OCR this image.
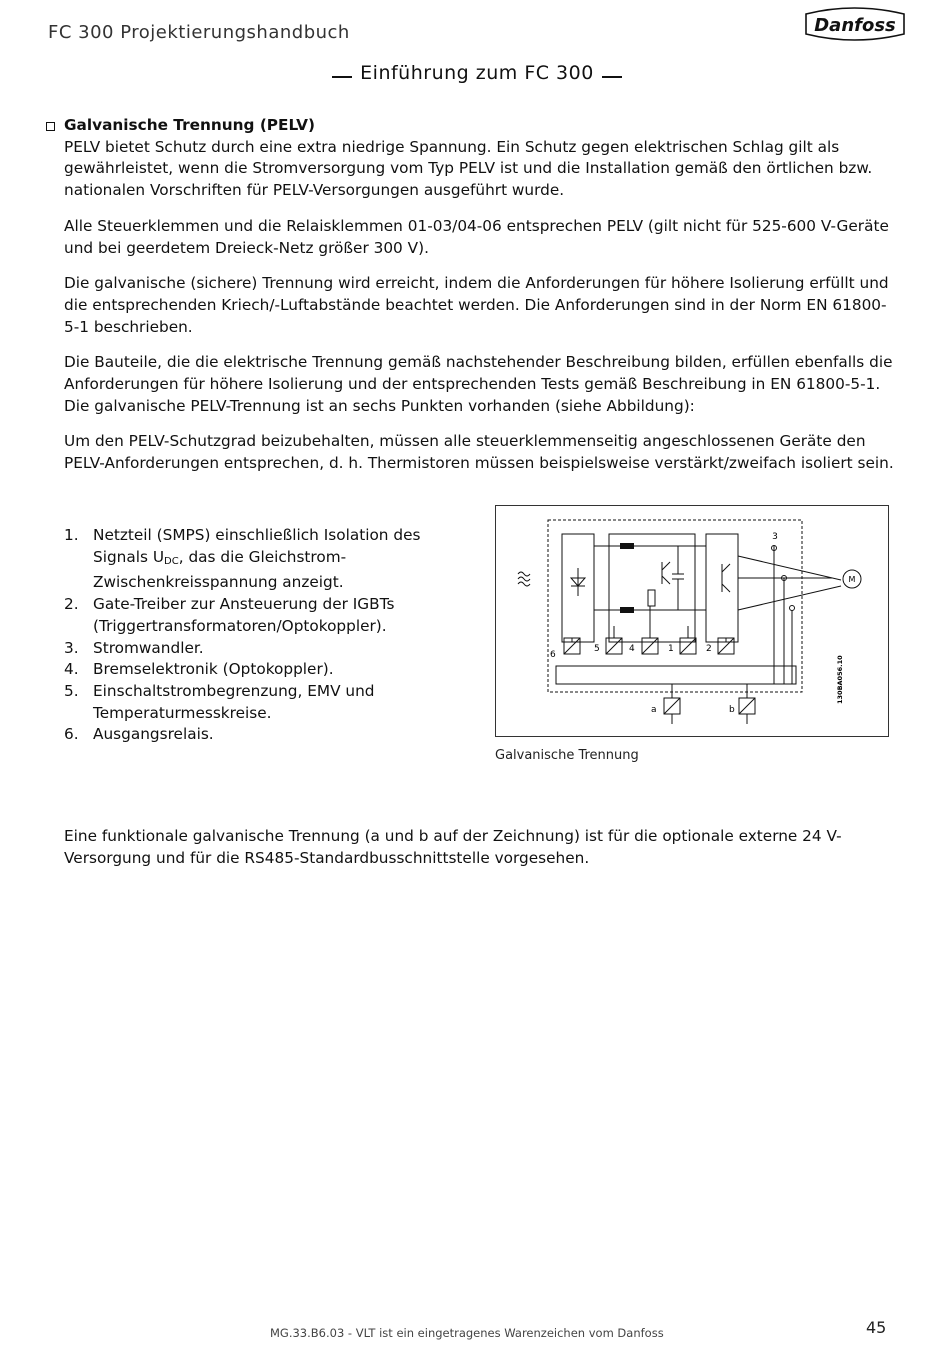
FC 300 Projektierungshandbuch	Danfoss
Einführung zum FC 300
Galvanische Trennung (PELV)

PELV bietet Schutz durch eine extra niedrige Spannung. Ein Schutz gegen elektrischen Schlag gilt als gewährleistet, wenn die Stromversorgung vom Typ PELV ist und die Installation gemäß den örtlichen bzw. nationalen Vorschriften für PELV-Versorgungen ausgeführt wurde.

Alle Steuerklemmen und die Relaisklemmen 01-03/04-06 entsprechen PELV (gilt nicht für 525-600 V-Geräte und bei geerdetem Dreieck-Netz größer 300 V).

Die galvanische (sichere) Trennung wird erreicht, indem die Anforderungen für höhere Isolierung erfüllt und die entsprechenden Kriech/-Luftabstände beachtet werden. Die Anforderungen sind in der Norm EN 61800-5-1 beschrieben.

Die Bauteile, die die elektrische Trennung gemäß nachstehender Beschreibung bilden, erfüllen ebenfalls die Anforderungen für höhere Isolierung und der entsprechenden Tests gemäß Beschreibung in EN 61800-5-1. Die galvanische PELV-Trennung ist an sechs Punkten vorhanden (siehe Abbildung):

Um den PELV-Schutzgrad beizubehalten, müssen alle steuerklemmenseitig angeschlossenen Geräte den PELV-Anforderungen entsprechen, d. h. Thermistoren müssen beispielsweise verstärkt/zweifach isoliert sein.

1. Netzteil (SMPS) einschließlich Isolation des Signals $U_{DC}$, das die Gleichstrom-Zwischenkreisspannung anzeigt.
2. Gate-Treiber zur Ansteuerung der IGBTs (Triggertransformatoren/Optokoppler).
3. Stromwandler.
4. Bremselektronik (Optokoppler).
5. Einschaltstrombegrenzung, EMV und Temperaturmesskreise.
6. Ausgangsrelais.
3
6
5	4	1	2
a	b
M
130BA056.10
Galvanische Trennung

Eine funktionale galvanische Trennung (a und b auf der Zeichnung) ist für die optionale externe 24 V-Versorgung und für die RS485-Standardbusschnittstelle vorgesehen.

MG.33.B6.03 - VLT ist ein eingetragenes Warenzeichen vom Danfoss	45
